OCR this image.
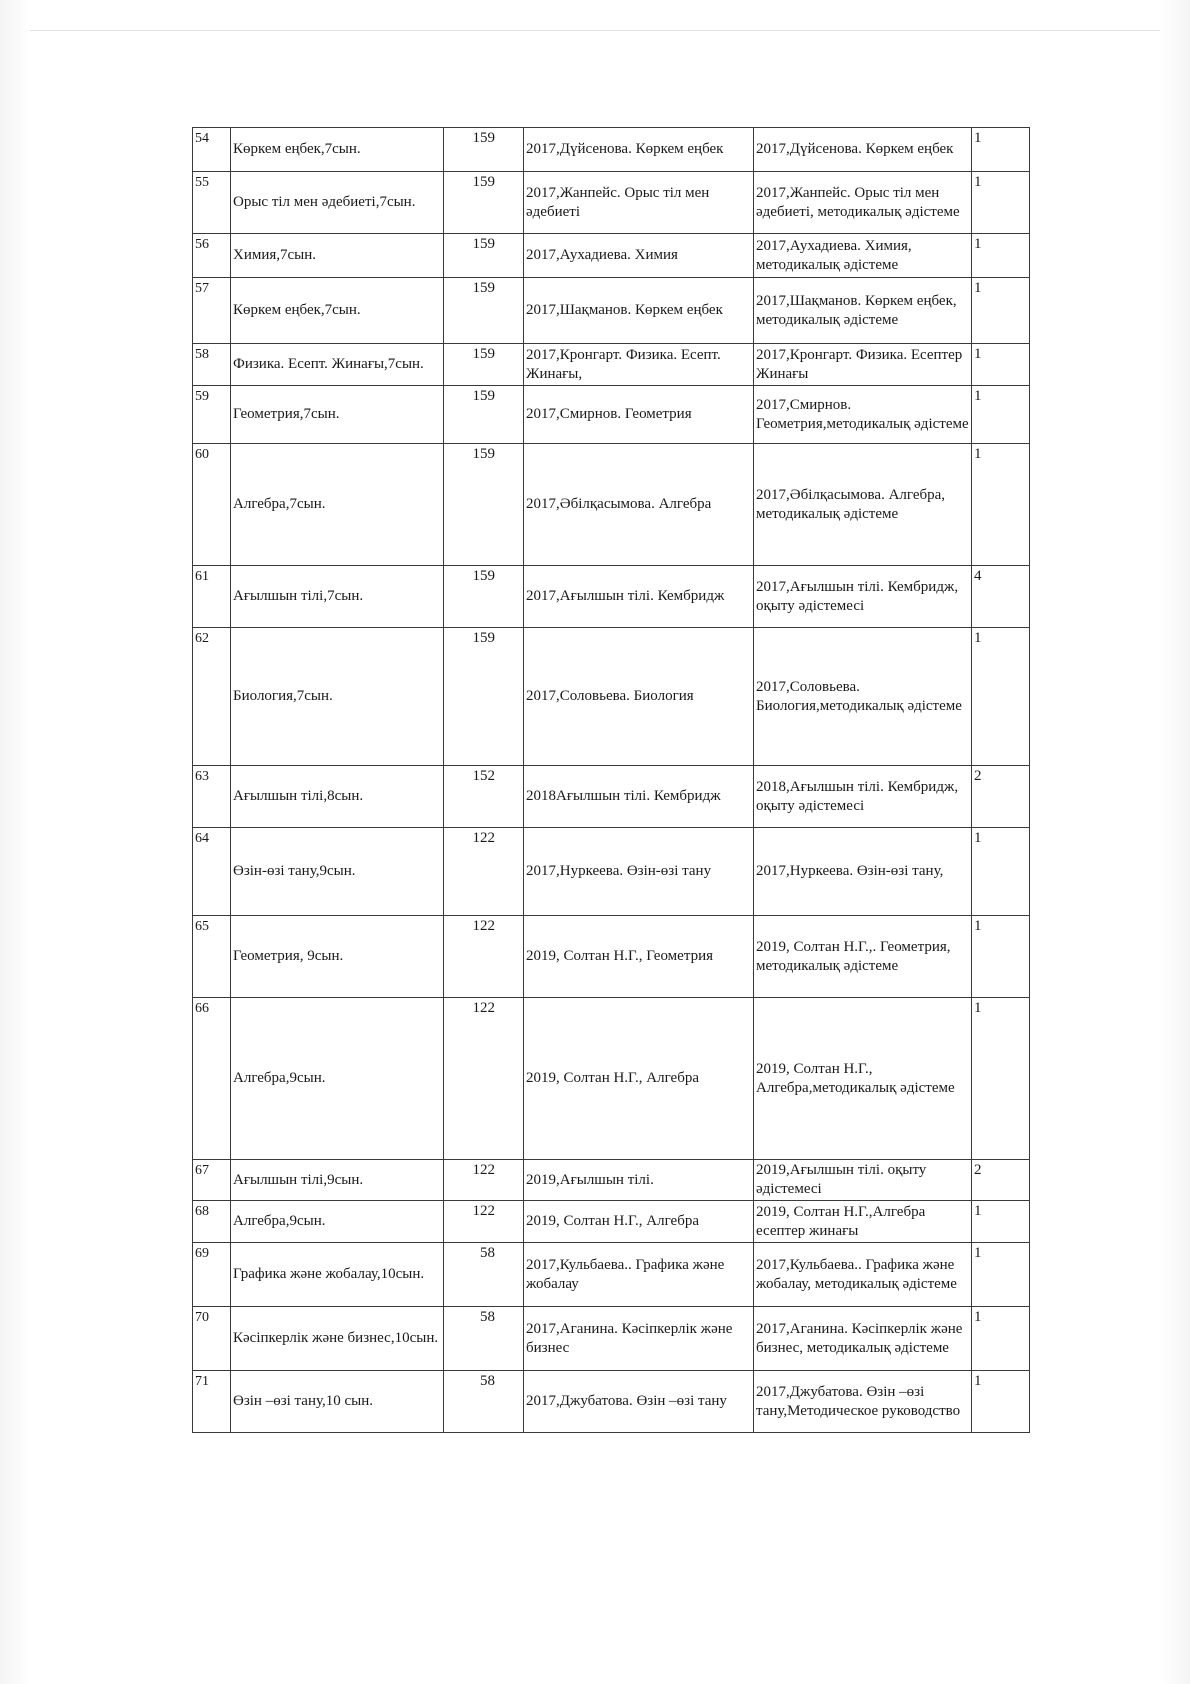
54	Көркем еңбек,7сын.	159	2017,Дүйсенова. Көркем еңбек	2017,Дүйсенова. Көркем еңбек	1
55	Орыс тіл мен әдебиеті,7сын.	159	2017,Жанпейс. Орыс тіл мен әдебиеті	2017,Жанпейс. Орыс тіл мен әдебиеті, методикалық әдістеме	1
56	Химия,7сын.	159	2017,Аухадиева. Химия	2017,Аухадиева. Химия, методикалық әдістеме	1
57	Көркем еңбек,7сын.	159	2017,Шақманов. Көркем еңбек	2017,Шақманов. Көркем еңбек, методикалық әдістеме	1
58	Физика. Есепт. Жинағы,7сын.	159	2017,Кронгарт. Физика. Есепт. Жинағы,	2017,Кронгарт. Физика. Есептер Жинағы	1
59	Геометрия,7сын.	159	2017,Смирнов. Геометрия	2017,Смирнов. Геометрия,методикалық әдістеме	1
60	Алгебра,7сын.	159	2017,Әбілқасымова. Алгебра	2017,Әбілқасымова. Алгебра, методикалық әдістеме	1
61	Ағылшын тілі,7сын.	159	2017,Ағылшын тілі. Кембридж	2017,Ағылшын тілі. Кембридж, оқыту әдістемесі	4
62	Биология,7сын.	159	2017,Соловьева. Биология	2017,Соловьева. Биология,методикалық әдістеме	1
63	Ағылшын тілі,8сын.	152	2018Ағылшын тілі. Кембридж	2018,Ағылшын тілі. Кембридж, оқыту әдістемесі	2
64	Өзін-өзі тану,9сын.	122	2017,Нуркеева. Өзін-өзі тану	2017,Нуркеева. Өзін-өзі тану,	1
65	Геометрия, 9сын.	122	2019, Солтан Н.Г., Геометрия	2019, Солтан Н.Г.,. Геометрия, методикалық әдістеме	1
66	Алгебра,9сын.	122	2019, Солтан Н.Г., Алгебра	2019, Солтан Н.Г., Алгебра,методикалық әдістеме	1
67	Ағылшын тілі,9сын.	122	2019,Ағылшын тілі.	2019,Ағылшын тілі. оқыту әдістемесі	2
68	Алгебра,9сын.	122	2019, Солтан Н.Г., Алгебра	2019, Солтан Н.Г.,Алгебра есептер жинағы	1
69	Графика және жобалау,10сын.	58	2017,Кульбаева.. Графика және жобалау	2017,Кульбаева.. Графика және жобалау, методикалық әдістеме	1
70	Кәсіпкерлік және бизнес,10сын.	58	2017,Аганина. Кәсіпкерлік және бизнес	2017,Аганина. Кәсіпкерлік және бизнес, методикалық әдістеме	1
71	Өзін –өзі тану,10 сын.	58	2017,Джубатова. Өзін –өзі тану	2017,Джубатова. Өзін –өзі тану,Методическое руководство	1
